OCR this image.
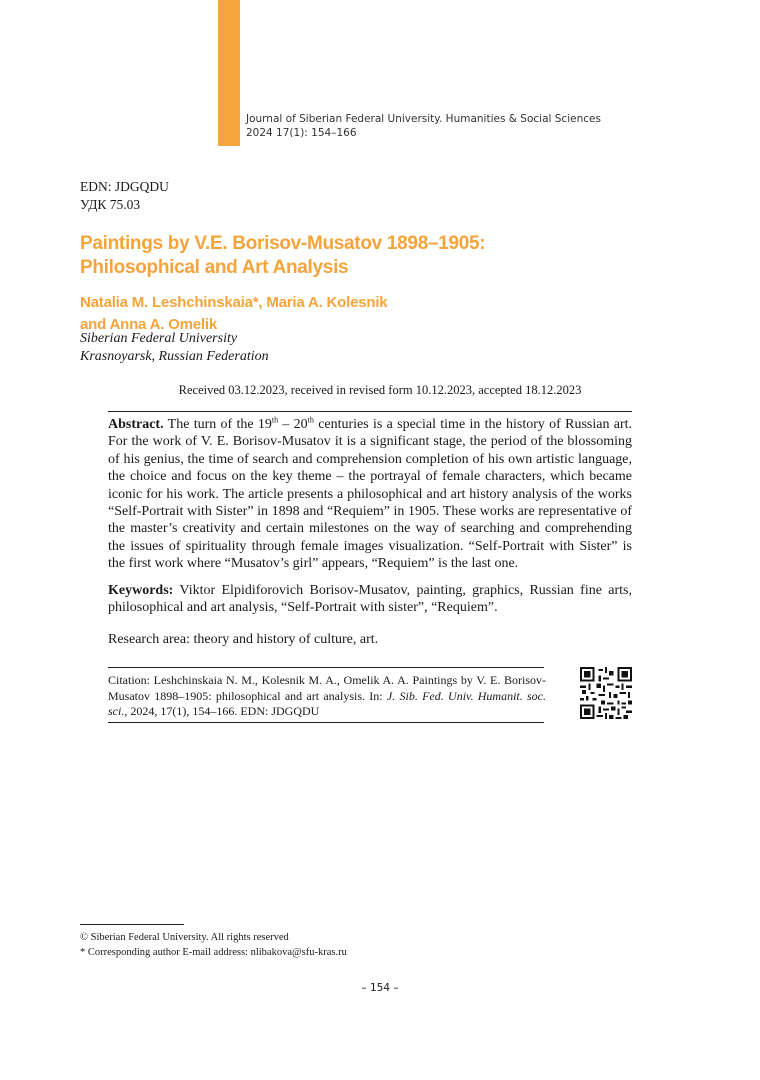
Journal of Siberian Federal University. Humanities & Social Sciences
2024 17(1): 154–166
EDN: JDGQDU
УДК 75.03
Paintings by V.E. Borisov-Musatov 1898–1905:
Philosophical and Art Analysis
Natalia M. Leshchinskaia*, Maria A. Kolesnik
and Anna A. Omelik
Siberian Federal University
Krasnoyarsk, Russian Federation
Received 03.12.2023, received in revised form 10.12.2023, accepted 18.12.2023
Abstract. The turn of the 19th – 20th centuries is a special time in the history of Russian art. For the work of V. E. Borisov-Musatov it is a significant stage, the period of the blossoming of his genius, the time of search and comprehension completion of his own artistic language, the choice and focus on the key theme – the portrayal of female characters, which became iconic for his work. The article presents a philosophical and art history analysis of the works “Self-Portrait with Sister” in 1898 and “Requiem” in 1905. These works are representative of the master’s creativity and certain milestones on the way of searching and comprehending the issues of spirituality through female images visualization. “Self-Portrait with Sister” is the first work where “Musatov’s girl” appears, “Requiem” is the last one.
Keywords: Viktor Elpidiforovich Borisov-Musatov, painting, graphics, Russian fine arts, philosophical and art analysis, “Self-Portrait with sister”, “Requiem”.
Research area: theory and history of culture, art.
Citation: Leshchinskaia N. M., Kolesnik M. A., Omelik A. A. Paintings by V. E. Borisov-Musatov 1898–1905: philosophical and art analysis. In: J. Sib. Fed. Univ. Humanit. soc. sci., 2024, 17(1), 154–166. EDN: JDGQDU
© Siberian Federal University. All rights reserved
* Corresponding author E-mail address: nlibakova@sfu-kras.ru
– 154 –
